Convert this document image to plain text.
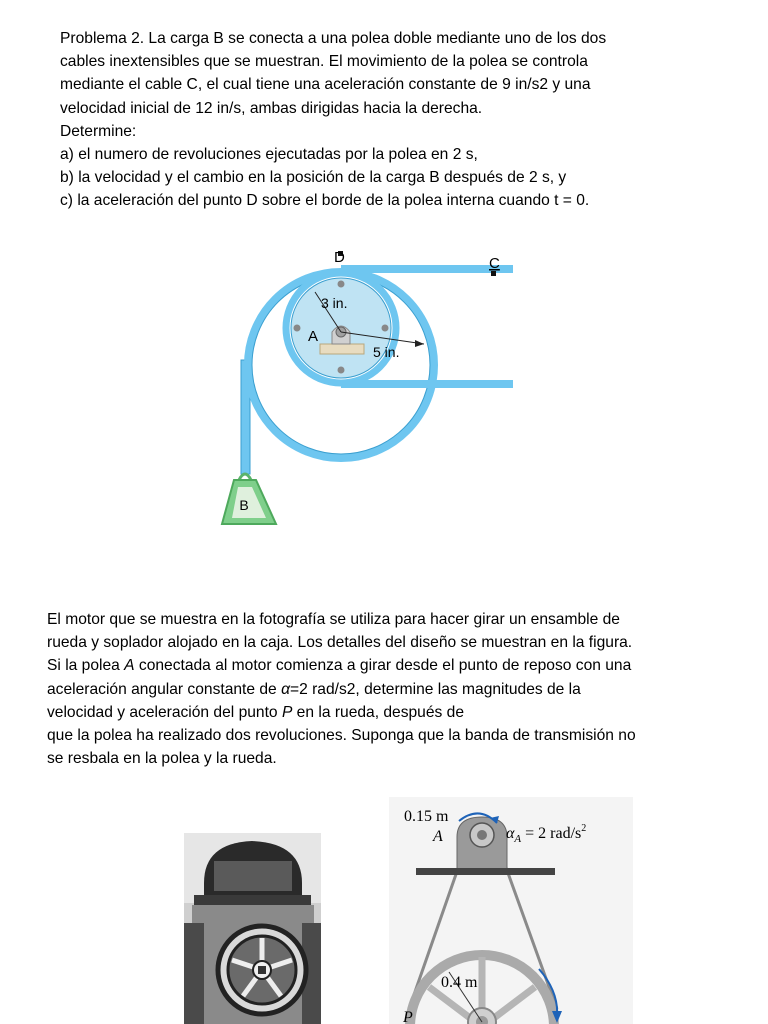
Problema 2. La carga B se conecta a una polea doble mediante uno de los dos
cables inextensibles que se muestran. El movimiento de la polea se controla
mediante el cable C, el cual tiene una aceleración constante de 9 in/s2 y una
velocidad inicial de 12 in/s, ambas dirigidas hacia la derecha.
Determine:
a) el numero de revoluciones ejecutadas por la polea en 2 s,
b) la velocidad y el cambio en la posición de la carga B después de 2 s, y
c) la aceleración del punto D sobre el borde de la polea interna cuando t = 0.
D	C
A
3 in.
5 in.
B
El motor que se muestra en la fotografía se utiliza para hacer girar un ensamble de
rueda y soplador alojado en la caja. Los detalles del diseño se muestran en la figura.
Si la polea A conectada al motor comienza a girar desde el punto de reposo con una
aceleración angular constante de α=2 rad/s2, determine las magnitudes de la
velocidad y aceleración del punto P en la rueda, después de
que la polea ha realizado dos revoluciones. Suponga que la banda de transmisión no
se resbala en la polea y la rueda.
0.15 m
A	$\alpha_A = 2$ rad/$s^2$
0.4 m
P
